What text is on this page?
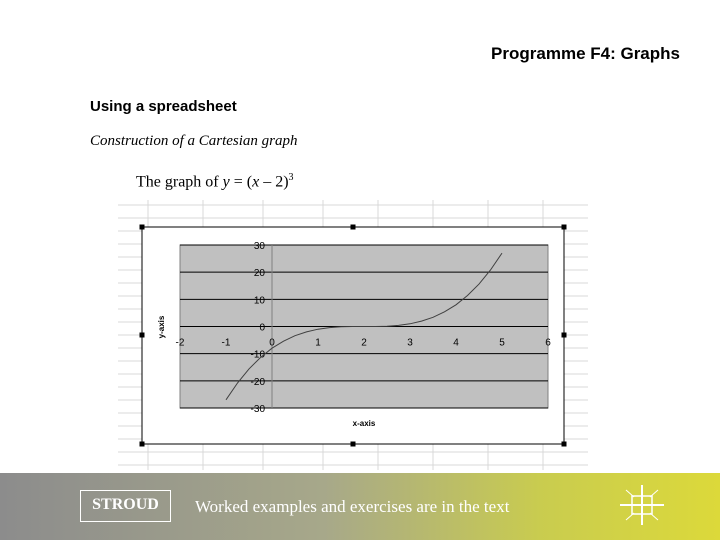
Programme F4: Graphs
Using a spreadsheet
Construction of a Cartesian graph
The graph of y = (x – 2)$^3$
-2	-1	0	1	2	3	4	5	6
30
20
10
0
-10
-20
-30
x-axis
y-axis
STROUD	Worked examples and exercises are in the text
